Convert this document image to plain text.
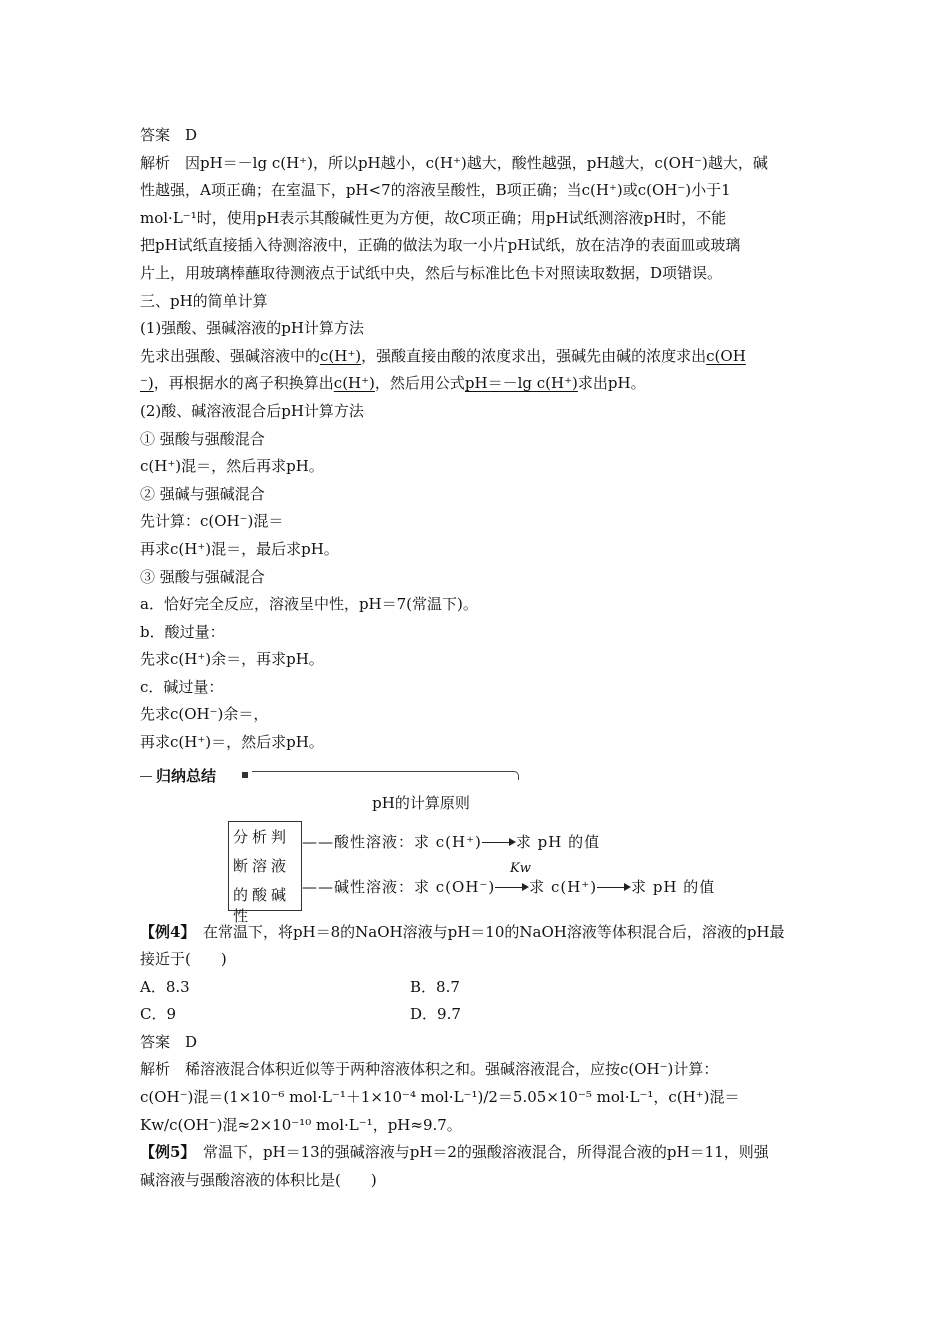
答案　D
解析　因pH＝－lg c(H⁺)，所以pH越小，c(H⁺)越大，酸性越强，pH越大，c(OH⁻)越大，碱
性越强，A项正确；在室温下，pH<7的溶液呈酸性，B项正确；当c(H⁺)或c(OH⁻)小于1
mol·L⁻¹时，使用pH表示其酸碱性更为方便，故C项正确；用pH试纸测溶液pH时，不能
把pH试纸直接插入待测溶液中，正确的做法为取一小片pH试纸，放在洁净的表面皿或玻璃
片上，用玻璃棒蘸取待测液点于试纸中央，然后与标准比色卡对照读取数据，D项错误。
三、pH的简单计算
(1)强酸、强碱溶液的pH计算方法
先求出强酸、强碱溶液中的c(H⁺)，强酸直接由酸的浓度求出，强碱先由碱的浓度求出c(OH
⁻)，再根据水的离子积换算出c(H⁺)，然后用公式pH＝－lg c(H⁺)求出pH。
(2)酸、碱溶液混合后pH计算方法
① 强酸与强酸混合
c(H⁺)混＝，然后再求pH。
② 强碱与强碱混合
先计算：c(OH⁻)混＝
再求c(H⁺)混＝，最后求pH。
③ 强酸与强碱混合
a．恰好完全反应，溶液呈中性，pH＝7(常温下)。
b．酸过量：
先求c(H⁺)余＝，再求pH。
c．碱过量：
先求c(OH⁻)余＝，
再求c(H⁺)＝，然后求pH。
归纳总结
pH的计算原则
分析判
断溶液
的酸碱性
——酸性溶液：求 c(H⁺) 求 pH 的值
Kw
——碱性溶液：求 c(OH⁻) 求 c(H⁺) 求 pH 的值
【例4】　在常温下，将pH＝8的NaOH溶液与pH＝10的NaOH溶液等体积混合后，溶液的pH最
接近于(　　)
A．8.3	B．8.7
C．9	D．9.7
答案　D
解析　稀溶液混合体积近似等于两种溶液体积之和。强碱溶液混合，应按c(OH⁻)计算：
c(OH⁻)混＝(1×10⁻⁶ mol·L⁻¹＋1×10⁻⁴ mol·L⁻¹)/2＝5.05×10⁻⁵ mol·L⁻¹，c(H⁺)混＝
Kw/c(OH⁻)混≈2×10⁻¹⁰ mol·L⁻¹，pH≈9.7。
【例5】　常温下，pH＝13的强碱溶液与pH＝2的强酸溶液混合，所得混合液的pH＝11，则强
碱溶液与强酸溶液的体积比是(　　)
